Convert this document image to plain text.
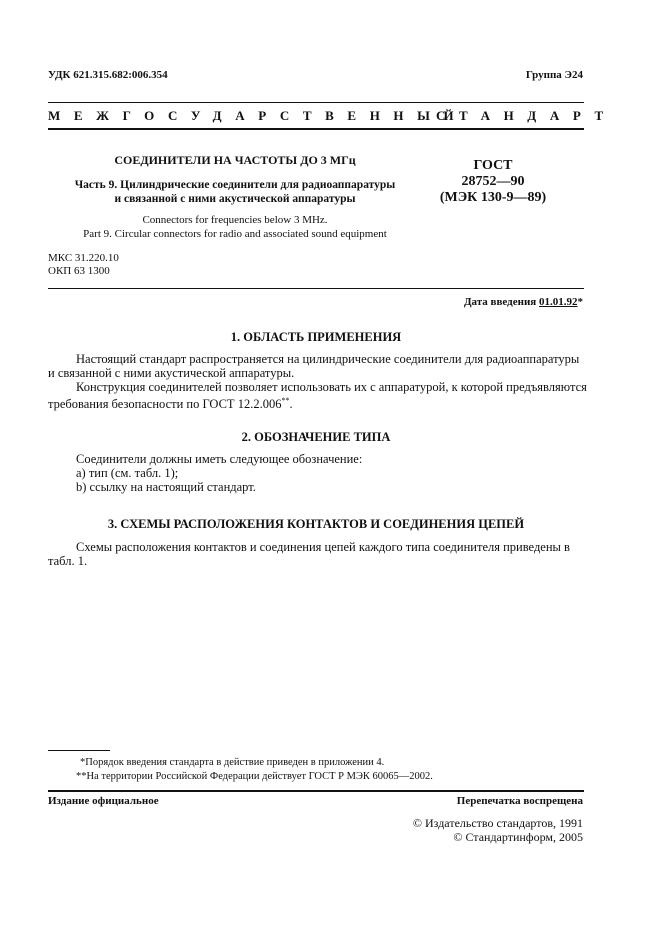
УДК 621.315.682:006.354	Группа Э24
МЕЖГОСУДАРСТВЕННЫЙ
СТАНДАРТ
СОЕДИНИТЕЛИ НА ЧАСТОТЫ ДО 3 МГц
Часть 9. Цилиндрические соединители для радиоаппаратуры
и связанной с ними акустической аппаратуры
Connectors for frequencies below 3 MHz.
Part 9. Circular connectors for radio and associated sound equipment
ГОСТ
28752—90
(МЭК 130-9—89)
МКС 31.220.10
ОКП 63 1300
Дата введения 01.01.92*
1. ОБЛАСТЬ ПРИМЕНЕНИЯ
Настоящий стандарт распространяется на цилиндрические соединители для радиоаппаратуры
и связанной с ними акустической аппаратуры.
Конструкция соединителей позволяет использовать их с аппаратурой, к которой предъявляются
требования безопасности по ГОСТ 12.2.006**.
2. ОБОЗНАЧЕНИЕ ТИПА
Соединители должны иметь следующее обозначение:
а) тип (см. табл. 1);
b) ссылку на настоящий стандарт.
3. СХЕМЫ РАСПОЛОЖЕНИЯ КОНТАКТОВ И СОЕДИНЕНИЯ ЦЕПЕЙ
Схемы расположения контактов и соединения цепей каждого типа соединителя приведены в
табл. 1.
*Порядок введения стандарта в действие приведен в приложении 4.
**На территории Российской Федерации действует ГОСТ Р МЭК 60065—2002.
Издание официальное	Перепечатка воспрещена
© Издательство стандартов, 1991
© Стандартинформ, 2005
